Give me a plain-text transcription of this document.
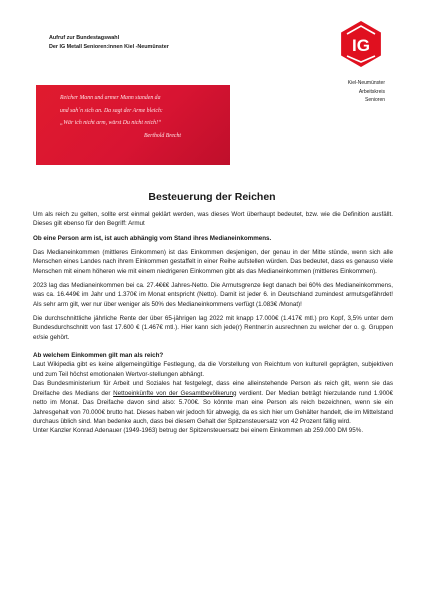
Aufruf zur Bundestagswahl
Der IG Metall Senioren:innen Kiel -Neumünster	IG
Kiel-Neumünster
Arbeitskreis
Senioren
Reicher Mann und armer Mann standen da
und sah´n sich an. Da sagt der Arme bleich:
„Wär ich nicht arm, wärst Du nicht reich!“
Berthold Brecht
Besteuerung der Reichen

Um als reich zu gelten, sollte erst einmal geklärt werden, was dieses Wort überhaupt bedeutet, bzw. wie die Definition ausfällt. Dieses gilt ebenso für den Begriff: Armut

Ob eine Person arm ist, ist auch abhängig vom Stand ihres Medianeinkommens.

Das Medianeinkommen (mittleres Einkommen) ist das Einkommen desjenigen, der genau in der Mitte stünde, wenn sich alle Menschen eines Landes nach ihrem Einkommen gestaffelt in einer Reihe aufstellen würden. Das bedeutet, dass es genauso viele Menschen mit einem höheren wie mit einem niedrigeren Einkommen gibt als das Medianeinkommen (mittleres Einkommen).

2023 lag das Medianeinkommen bei ca. 27.4€€€ Jahres-Netto. Die Armutsgrenze liegt danach bei 60% des Medianeinkommens, was ca. 16.449€ im Jahr und 1.370€ im Monat entspricht (Netto). Damit ist jeder 6. in Deutschland zumindest armutsgefährdet! Als sehr arm gilt, wer nur über weniger als 50% des Medianeinkommens verfügt (1.083€ /Monat)!

Die durchschnittliche jährliche Rente der über 65-jährigen lag 2022 mit knapp 17.000€ (1.417€ mtl.) pro Kopf, 3,5% unter dem Bundesdurchschnitt von fast 17.600 € (1.467€ mtl.). Hier kann sich jede(r) Rentner:in ausrechnen zu welcher der o. g. Gruppen er/sie gehört.

Ab welchem Einkommen gilt man als reich?

Laut Wikipedia gibt es keine allgemeingültige Festlegung, da die Vorstellung von Reichtum von kulturell geprägten, subjektiven und zum Teil höchst emotionalen Wertvor-stellungen abhängt.

Das Bundesministerium für Arbeit und Soziales hat festgelegt, dass eine alleinstehende Person als reich gilt, wenn sie das Dreifache des Medians der Nettoeinkünfte von der Gesamtbevölkerung verdient. Der Median beträgt hierzulande rund 1.900€ netto im Monat. Das Dreifache davon sind also: 5.700€. So könnte man eine Person als reich bezeichnen, wenn sie ein Jahresgehalt von 70.000€ brutto hat. Dieses haben wir jedoch für abwegig, da es sich hier um Gehälter handelt, die im Mittelstand durchaus üblich sind. Man bedenke auch, dass bei diesem Gehalt der Spitzensteuersatz von 42 Prozent fällig wird.

Unter Kanzler Konrad Adenauer (1949-1963) betrug der Spitzensteuersatz bei einem Einkommen ab 259.000 DM 95%.
